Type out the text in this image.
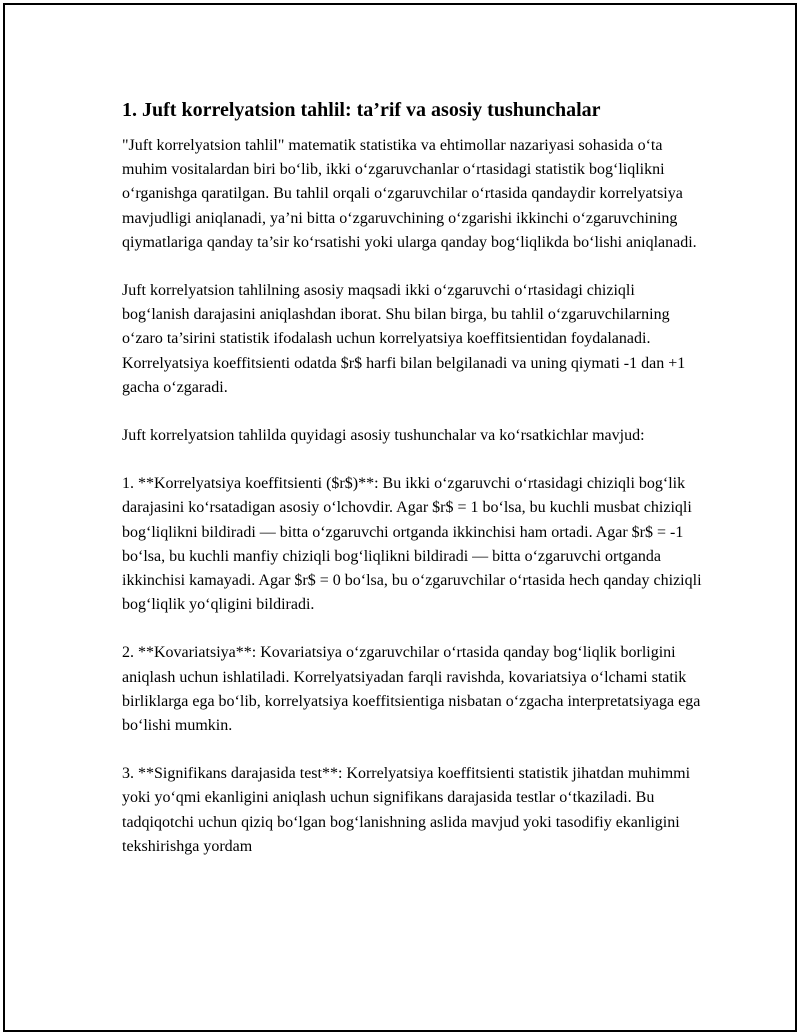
1. Juft korrelyatsion tahlil: ta’rif va asosiy tushunchalar

"Juft korrelyatsion tahlil" matematik statistika va ehtimollar nazariyasi sohasida o‘ta muhim vositalardan biri bo‘lib, ikki o‘zgaruvchanlar o‘rtasidagi statistik bog‘liqlikni o‘rganishga qaratilgan. Bu tahlil orqali o‘zgaruvchilar o‘rtasida qandaydir korrelyatsiya mavjudligi aniqlanadi, ya’ni bitta o‘zgaruvchining o‘zgarishi ikkinchi o‘zgaruvchining qiymatlariga qanday ta’sir ko‘rsatishi yoki ularga qanday bog‘liqlikda bo‘lishi aniqlanadi.

Juft korrelyatsion tahlilning asosiy maqsadi ikki o‘zgaruvchi o‘rtasidagi chiziqli bog‘lanish darajasini aniqlashdan iborat. Shu bilan birga, bu tahlil o‘zgaruvchilarning o‘zaro ta’sirini statistik ifodalash uchun korrelyatsiya koeffitsientidan foydalanadi. Korrelyatsiya koeffitsienti odatda $r$ harfi bilan belgilanadi va uning qiymati -1 dan +1 gacha o‘zgaradi.

Juft korrelyatsion tahlilda quyidagi asosiy tushunchalar va ko‘rsatkichlar mavjud:

1. **Korrelyatsiya koeffitsienti ($r$)**: Bu ikki o‘zgaruvchi o‘rtasidagi chiziqli bog‘lik darajasini ko‘rsatadigan asosiy o‘lchovdir. Agar $r$ = 1 bo‘lsa, bu kuchli musbat chiziqli bog‘liqlikni bildiradi — bitta o‘zgaruvchi ortganda ikkinchisi ham ortadi. Agar $r$ = -1 bo‘lsa, bu kuchli manfiy chiziqli bog‘liqlikni bildiradi — bitta o‘zgaruvchi ortganda ikkinchisi kamayadi. Agar $r$ = 0 bo‘lsa, bu o‘zgaruvchilar o‘rtasida hech qanday chiziqli bog‘liqlik yo‘qligini bildiradi.

2. **Kovariatsiya**: Kovariatsiya o‘zgaruvchilar o‘rtasida qanday bog‘liqlik borligini aniqlash uchun ishlatiladi. Korrelyatsiyadan farqli ravishda, kovariatsiya o‘lchami statik birliklarga ega bo‘lib, korrelyatsiya koeffitsientiga nisbatan o‘zgacha interpretatsiyaga ega bo‘lishi mumkin.

3. **Signifikans darajasida test**: Korrelyatsiya koeffitsienti statistik jihatdan muhimmi yoki yo‘qmi ekanligini aniqlash uchun signifikans darajasida testlar o‘tkaziladi. Bu tadqiqotchi uchun qiziq bo‘lgan bog‘lanishning aslida mavjud yoki tasodifiy ekanligini tekshirishga yordam
